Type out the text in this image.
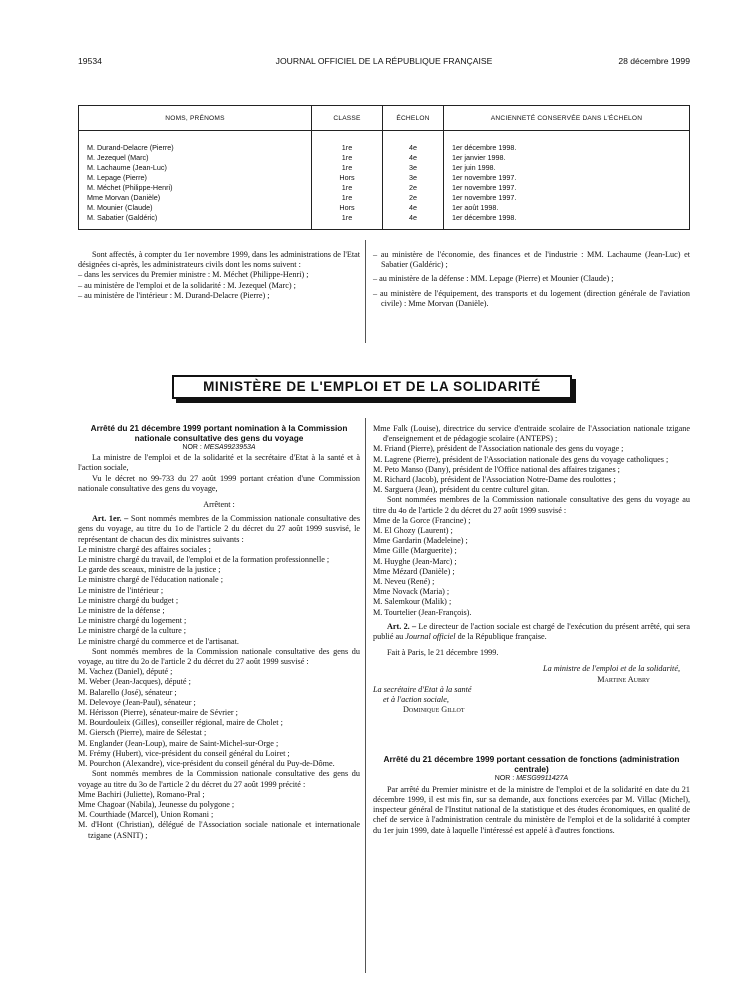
19534	JOURNAL OFFICIEL DE LA RÉPUBLIQUE FRANÇAISE	28 décembre 1999
NOMS, PRÉNOMS	CLASSE	ÉCHELON	ANCIENNETÉ CONSERVÉE DANS L'ÉCHELON
M. Durand-Delacre (Pierre)	1re	4e	1er décembre 1998.
M. Jezequel (Marc)	1re	4e	1er janvier 1998.
M. Lachaume (Jean-Luc)	1re	3e	1er juin 1998.
M. Lepage (Pierre)	Hors	3e	1er novembre 1997.
M. Méchet (Philippe-Henri)	1re	2e	1er novembre 1997.
Mme Morvan (Danièle)	1re	2e	1er novembre 1997.
M. Mounier (Claude)	Hors	4e	1er août 1998.
M. Sabatier (Galdéric)	1re	4e	1er décembre 1998.

Sont affectés, à compter du 1er novembre 1999, dans les administrations de l'Etat désignées ci-après, les administrateurs civils dont les noms suivent :

– dans les services du Premier ministre : M. Méchet (Philippe-Henri) ;

– au ministère de l'emploi et de la solidarité : M. Jezequel (Marc) ;

– au ministère de l'intérieur : M. Durand-Delacre (Pierre) ;

– au ministère de l'économie, des finances et de l'industrie : MM. Lachaume (Jean-Luc) et Sabatier (Galdéric) ;

– au ministère de la défense : MM. Lepage (Pierre) et Mounier (Claude) ;

– au ministère de l'équipement, des transports et du logement (direction générale de l'aviation civile) : Mme Morvan (Danièle).

MINISTÈRE DE L'EMPLOI ET DE LA SOLIDARITÉ

Arrêté du 21 décembre 1999 portant nomination à la Commission nationale consultative des gens du voyage

NOR : MESA9923953A

La ministre de l'emploi et de la solidarité et la secrétaire d'Etat à la santé et à l'action sociale,

Vu le décret no 99-733 du 27 août 1999 portant création d'une Commission nationale consultative des gens du voyage,

Arrêtent :

Art. 1er. – Sont nommés membres de la Commission nationale consultative des gens du voyage, au titre du 1o de l'article 2 du décret du 27 août 1999 susvisé, le représentant de chacun des dix ministres suivants :

Le ministre chargé des affaires sociales ;

Le ministre chargé du travail, de l'emploi et de la formation professionnelle ;

Le garde des sceaux, ministre de la justice ;

Le ministre chargé de l'éducation nationale ;

Le ministre de l'intérieur ;

Le ministre chargé du budget ;

Le ministre de la défense ;

Le ministre chargé du logement ;

Le ministre chargé de la culture ;

Le ministre chargé du commerce et de l'artisanat.

Sont nommés membres de la Commission nationale consultative des gens du voyage, au titre du 2o de l'article 2 du décret du 27 août 1999 susvisé :

M. Vachez (Daniel), député ;

M. Weber (Jean-Jacques), député ;

M. Balarello (José), sénateur ;

M. Delevoye (Jean-Paul), sénateur ;

M. Hérisson (Pierre), sénateur-maire de Sévrier ;

M. Bourdouleix (Gilles), conseiller régional, maire de Cholet ;

M. Giersch (Pierre), maire de Sélestat ;

M. Englander (Jean-Loup), maire de Saint-Michel-sur-Orge ;

M. Frémy (Hubert), vice-président du conseil général du Loiret ;

M. Pourchon (Alexandre), vice-président du conseil général du Puy-de-Dôme.

Sont nommés membres de la Commission nationale consultative des gens du voyage au titre du 3o de l'article 2 du décret du 27 août 1999 précité :

Mme Bachiri (Juliette), Romano-Pral ;

Mme Chagoar (Nabila), Jeunesse du polygone ;

M. Courthiade (Marcel), Union Romani ;

M. d'Hont (Christian), délégué de l'Association sociale nationale et internationale tzigane (ASNIT) ;

Mme Falk (Louise), directrice du service d'entraide scolaire de l'Association nationale tzigane d'enseignement et de pédagogie scolaire (ANTEPS) ;

M. Friand (Pierre), président de l'Association nationale des gens du voyage ;

M. Lagrene (Pierre), président de l'Association nationale des gens du voyage catholiques ;

M. Peto Manso (Dany), président de l'Office national des affaires tziganes ;

M. Richard (Jacob), président de l'Association Notre-Dame des roulottes ;

M. Sarguera (Jean), président du centre culturel gitan.

Sont nommées membres de la Commission nationale consultative des gens du voyage au titre du 4o de l'article 2 du décret du 27 août 1999 susvisé :

Mme de la Gorce (Francine) ;

M. El Ghozy (Laurent) ;

Mme Gardarin (Madeleine) ;

Mme Gille (Marguerite) ;

M. Huyghe (Jean-Marc) ;

Mme Mézard (Danièle) ;

M. Neveu (René) ;

Mme Novack (Maria) ;

M. Salemkour (Malik) ;

M. Tourtelier (Jean-François).

Art. 2. – Le directeur de l'action sociale est chargé de l'exécution du présent arrêté, qui sera publié au Journal officiel de la République française.

Fait à Paris, le 21 décembre 1999.

La ministre de l'emploi et de la solidarité,

Martine Aubry

La secrétaire d'Etat à la santé

et à l'action sociale,

Dominique Gillot

Arrêté du 21 décembre 1999 portant cessation de fonctions (administration centrale)

NOR : MESG9911427A

Par arrêté du Premier ministre et de la ministre de l'emploi et de la solidarité en date du 21 décembre 1999, il est mis fin, sur sa demande, aux fonctions exercées par M. Villac (Michel), inspecteur général de l'Institut national de la statistique et des études économiques, en qualité de chef de service à l'administration centrale du ministère de l'emploi et de la solidarité à compter du 1er juin 1999, date à laquelle l'intéressé est appelé à d'autres fonctions.
